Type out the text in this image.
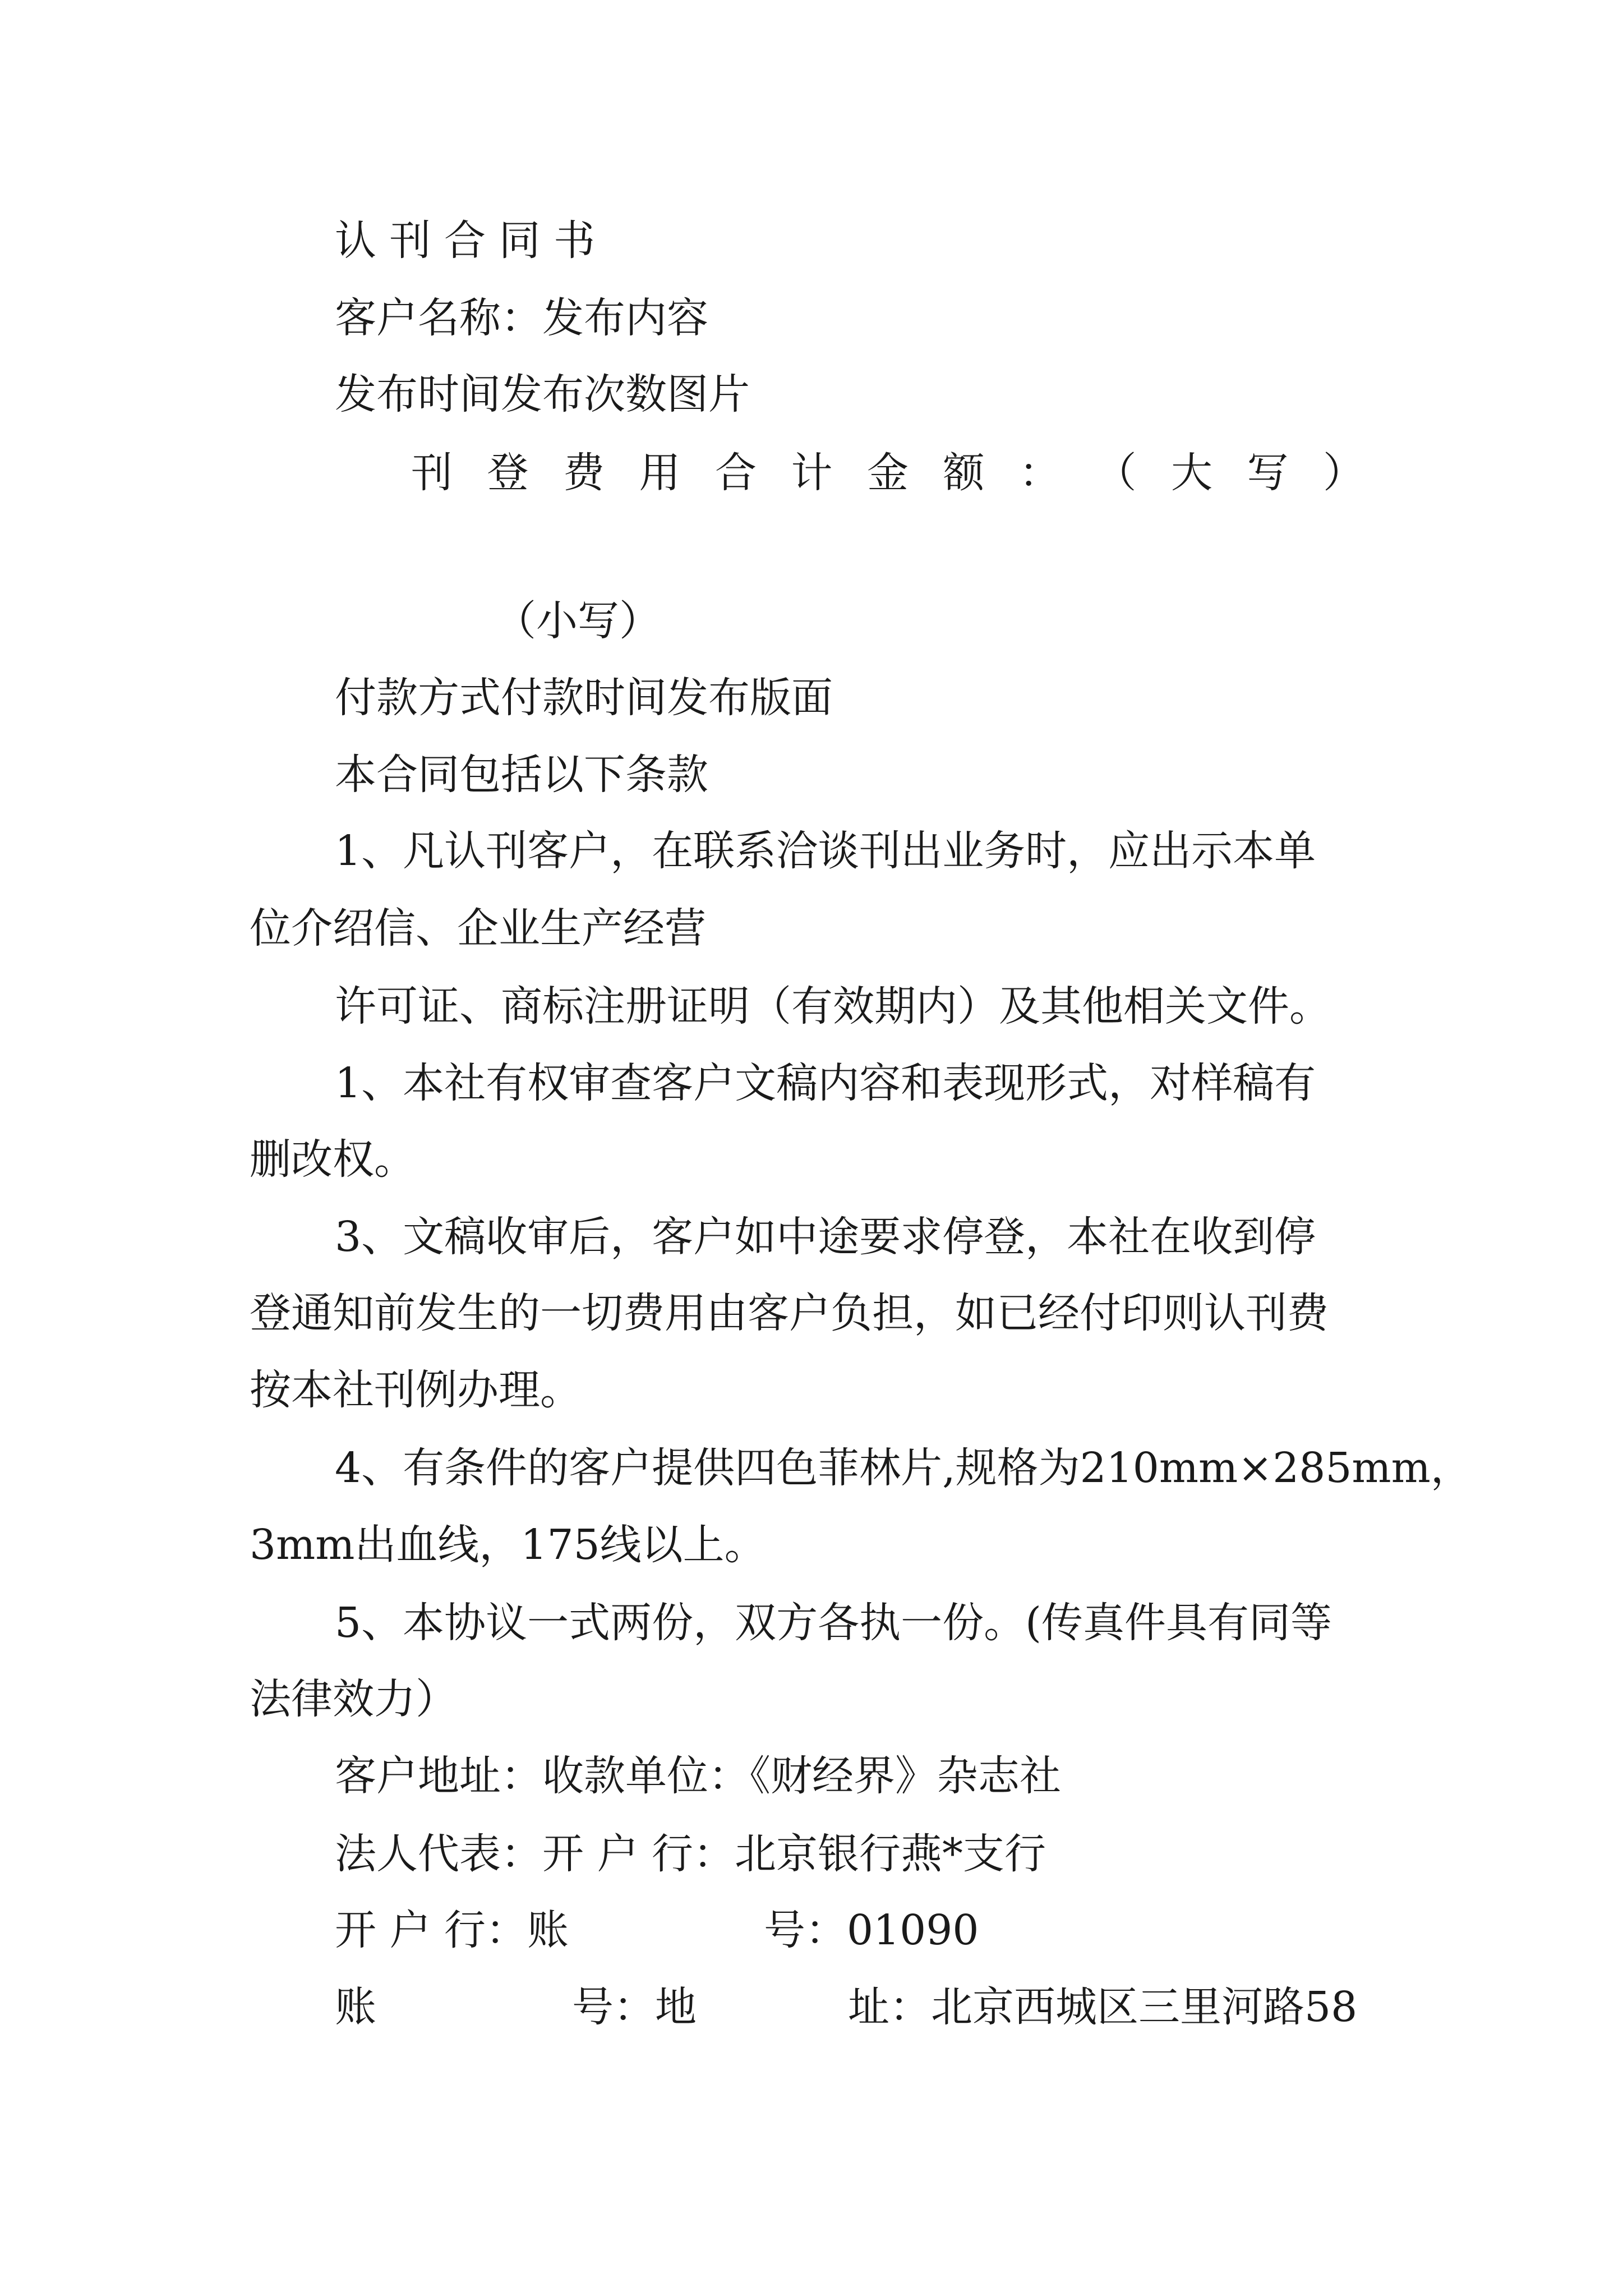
认 刊 合 同 书
客户名称：发布内容
发布时间发布次数图片
刊 登 费 用 合 计 金 额 ： （ 大 写 ）
（小写）
付款方式付款时间发布版面
本合同包括以下条款
1、凡认刊客户，在联系洽谈刊出业务时，应出示本单
位介绍信、企业生产经营
许可证、商标注册证明（有效期内）及其他相关文件。
1、本社有权审查客户文稿内容和表现形式，对样稿有
删改权。
3、文稿收审后，客户如中途要求停登，本社在收到停
登通知前发生的一切费用由客户负担，如已经付印则认刊费
按本社刊例办理。
4、有条件的客户提供四色菲林片,规格为210mm×285mm，
3mm出血线，175线以上。
5、本协议一式两份，双方各执一份。(传真件具有同等
法律效力）
客户地址：收款单位：《财经界》杂志社
法人代表：开 户 行：北京银行燕*支行
开 户 行：账	号：01090
账	号：地	址：北京西城区三里河路58
